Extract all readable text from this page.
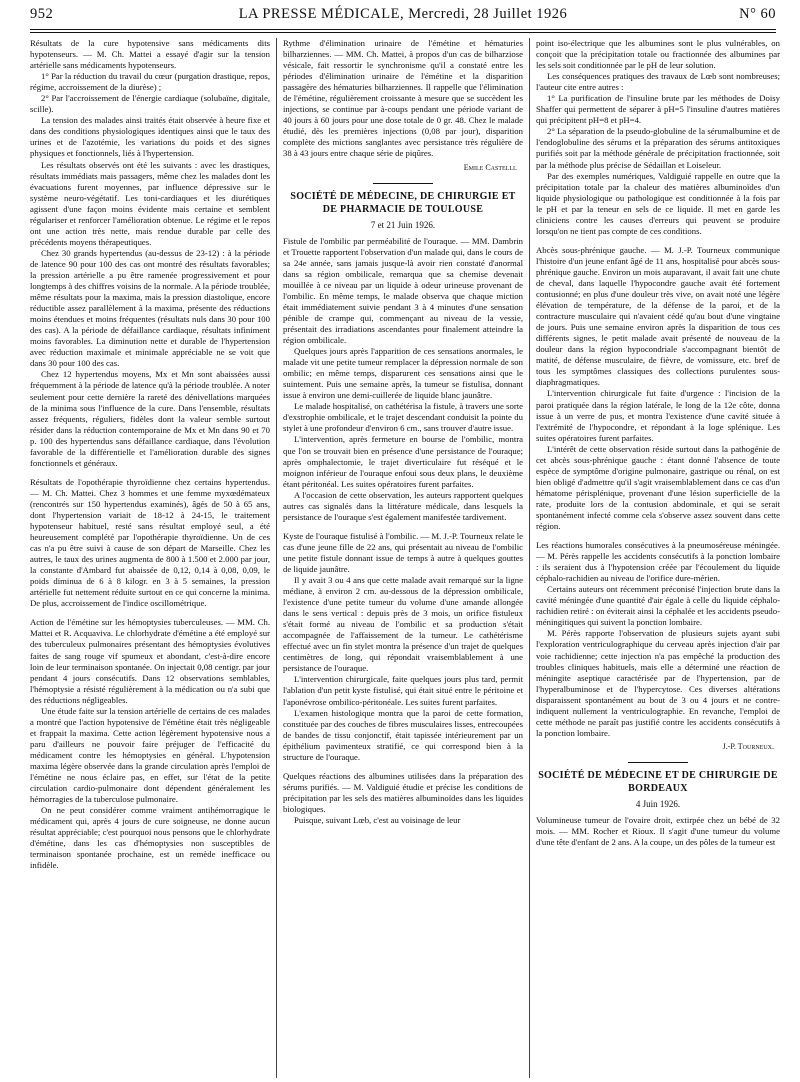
952	LA PRESSE MÉDICALE, Mercredi, 28 Juillet 1926	N° 60

Résultats de la cure hypotensive sans médicaments dits hypotenseurs. — M. Ch. Mattei a essayé d'agir sur la tension artérielle sans médicaments hypotenseurs.

1° Par la réduction du travail du cœur (purgation drastique, repos, régime, accroissement de la diurèse) ;

2° Par l'accroissement de l'énergie cardiaque (solubaïne, digitale, scille).

La tension des malades ainsi traités était observée à heure fixe et dans des conditions physiologiques identiques ainsi que le taux des urines et de l'azotémie, les variations du poids et des signes physiques et fonctionnels, liés à l'hypertension.

Les résultats observés ont été les suivants : avec les drastiques, résultats immédiats mais passagers, même chez les malades dont les évacuations furent moyennes, par influence dépressive sur le système neuro-végétatif. Les toni-cardiaques et les diurétiques agissent d'une façon moins évidente mais certaine et semblent régulariser et renforcer l'amélioration obtenue. Le régime et le repos ont une action très nette, mais rendue durable par celle des précédents moyens thérapeutiques.

Chez 30 grands hypertendus (au-dessus de 23-12) : à la période de latence 90 pour 100 des cas ont montré des résultats favorables; la pression artérielle a pu être ramenée progressivement et pour longtemps à des chiffres voisins de la normale. A la période troublée, même résultats pour la maxima, mais la pression diastolique, encore réductible assez parallèlement à la maxima, présente des réductions moins étendues et moins fréquentes (résultats nuls dans 30 pour 100 des cas). A la période de défaillance cardiaque, résultats infiniment moins favorables. La diminution nette et durable de l'hypertension avec réduction maximale et minimale appréciable ne se voit que dans 30 pour 100 des cas.

Chez 12 hypertendus moyens, Mx et Mn sont abaissées aussi fréquemment à la période de latence qu'à la période troublée. A noter seulement pour cette dernière la rareté des dénivellations marquées de la minima sous l'influence de la cure. Dans l'ensemble, résultats assez fréquents, réguliers, fidèles dont la valeur semble surtout résider dans la réduction contemporaine de Mx et Mn dans 90 et 70 p. 100 des hypertendus sans défaillance cardiaque, dans l'évolution favorable de la différentielle et l'amélioration durable des signes fonctionnels et généraux.

Résultats de l'opothérapie thyroïdienne chez certains hypertendus. — M. Ch. Mattei. Chez 3 hommes et une femme myxœdémateux (rencontrés sur 150 hypertendus examinés), âgés de 50 à 65 ans, dont l'hypertension variait de 18-12 à 24-15, le traitement hypotenseur habituel, resté sans résultat employé seul, a été heureusement complété par l'opothérapie thyroïdienne. Un de ces cas n'a pu être suivi à cause de son départ de Marseille. Chez les autres, le taux des urines augmenta de 800 à 1.500 et 2.000 par jour, la constante d'Ambard fut abaissée de 0,12, 0,14 à 0,08, 0,09, le poids diminua de 6 à 8 kilogr. en 3 à 5 semaines, la pression artérielle fut nettement réduite surtout en ce qui concerne la minima. De plus, accroissement de l'indice oscillométrique.

Action de l'émétine sur les hémoptysies tuberculeuses. — MM. Ch. Mattei et R. Acquaviva. Le chlorhydrate d'émétine a été employé sur des tuberculeux pulmonaires présentant des hémoptysies évolutives faites de sang rouge vif spumeux et abondant, c'est-à-dire encore loin de leur terminaison spontanée. On injectait 0,08 centigr. par jour pendant 4 jours consécutifs. Dans 12 observations semblables, l'hémoptysie a résisté régulièrement à la médication ou n'a subi que des réductions négligeables.

Une étude faite sur la tension artérielle de certains de ces malades a montré que l'action hypotensive de l'émétine était très négligeable et frappait la maxima. Cette action légèrement hypotensive nous a paru d'ailleurs ne pouvoir faire préjuger de l'efficacité du médicament contre les hémoptysies en général. L'hypotension maxima légère observée dans la grande circulation après l'emploi de l'émétine ne nous éclaire pas, en effet, sur l'état de la petite circulation cardio-pulmonaire dont dépendent généralement les hémorragies de la tuberculose pulmonaire.

On ne peut considérer comme vraiment antihémorragique le médicament qui, après 4 jours de cure soigneuse, ne donne aucun résultat appréciable; c'est pourquoi nous pensons que le chlorhydrate d'émétine, dans les cas d'hémoptysies non susceptibles de terminaison spontanée prochaine, est un remède inefficace ou infidèle.

Rythme d'élimination urinaire de l'émétine et hématuries bilharziennes. — MM. Ch. Mattei, à propos d'un cas de bilharziose vésicale, fait ressortir le synchronisme qu'il a constaté entre les périodes d'élimination urinaire de l'émétine et la disparition passagère des hématuries bilharziennes. Il rappelle que l'élimination de l'émétine, régulièrement croissante à mesure que se succèdent les injections, se continue par à-coups pendant une période variant de 40 jours à 60 jours pour une dose totale de 0 gr. 48. Chez le malade étudié, dès les premières injections (0,08 par jour), disparition complète des mictions sanglantes avec persistance très régulière de 38 à 43 jours entre chaque série de piqûres.

Emile Castelli.
SOCIÉTÉ DE MÉDECINE, DE CHIRURGIE ET DE PHARMACIE DE TOULOUSE
7 et 21 Juin 1926.

Fistule de l'ombilic par perméabilité de l'ouraque. — MM. Dambrin et Trouette rapportent l'observation d'un malade qui, dans le cours de sa 24e année, sans jamais jusque-là avoir rien constaté d'anormal dans sa région ombilicale, remarqua que sa chemise devenait mouillée à ce niveau par un liquide à odeur urineuse provenant de l'ombilic. En même temps, le malade observa que chaque miction était immédiatement suivie pendant 3 à 4 minutes d'une sensation pénible de crampe qui, commençant au niveau de la vessie, présentait des irradiations ascendantes pour finalement atteindre la région ombilicale.

Quelques jours après l'apparition de ces sensations anormales, le malade vit une petite tumeur remplacer la dépression normale de son ombilic; en même temps, disparurent ces sensations ainsi que le suintement. Puis une semaine après, la tumeur se fistulisa, donnant issue à environ une demi-cuillerée de liquide blanc jaunâtre.

Le malade hospitalisé, on cathétérisa la fistule, à travers une sorte d'exstrophie ombilicale, et le trajet descendant conduisit la pointe du stylet à une profondeur d'environ 6 cm., sans trouver d'autre issue.

L'intervention, après fermeture en bourse de l'ombilic, montra que l'on se trouvait bien en présence d'une persistance de l'ouraque; après omphalectomie, le trajet diverticulaire fut réséqué et le moignon inférieur de l'ouraque enfoui sous deux plans, le deuxième étant péritonéal. Les suites opératoires furent parfaites.

A l'occasion de cette observation, les auteurs rapportent quelques autres cas signalés dans la littérature médicale, dans lesquels la persistance de l'ouraque s'est également manifestée tardivement.

Kyste de l'ouraque fistulisé à l'ombilic. — M. J.-P. Tourneux relate le cas d'une jeune fille de 22 ans, qui présentait au niveau de l'ombilic une petite fistule donnant issue de temps à autre à quelques gouttes de liquide jaunâtre.

Il y avait 3 ou 4 ans que cette malade avait remarqué sur la ligne médiane, à environ 2 cm. au-dessous de la dépression ombilicale, l'existence d'une petite tumeur du volume d'une amande allongée dans le sens vertical : depuis près de 3 mois, un orifice fistuleux s'était formé au niveau de l'ombilic et sa production s'était accompagnée de l'affaissement de la tumeur. Le cathétérisme effectué avec un fin stylet montra la présence d'un trajet de quelques centimètres de long, qui répondait vraisemblablement à une persistance de l'ouraque.

L'intervention chirurgicale, faite quelques jours plus tard, permit l'ablation d'un petit kyste fistulisé, qui était situé entre le péritoine et l'aponévrose ombilico-péritonéale. Les suites furent parfaites.

L'examen histologique montra que la paroi de cette formation, constituée par des couches de fibres musculaires lisses, entrecoupées de bandes de tissu conjonctif, était tapissée intérieurement par un épithélium pavimenteux stratifié, ce qui correspond bien à la structure de l'ouraque.

Quelques réactions des albumines utilisées dans la préparation des sérums purifiés. — M. Valdiguié étudie et précise les conditions de précipitation par les sels des matières albuminoïdes dans les liquides biologiques.

Puisque, suivant Lœb, c'est au voisinage de leur

point iso-électrique que les albumines sont le plus vulnérables, on conçoit que la précipitation totale ou fractionnée des albumines par les sels soit conditionnée par le pH de leur solution.

Les conséquences pratiques des travaux de Lœb sont nombreuses; l'auteur cite entre autres :

1° La purification de l'insuline brute par les méthodes de Doisy Shaffer qui permettent de séparer à pH=5 l'insuline d'autres matières qui précipitent pH=8 et pH=4.

2° La séparation de la pseudo-globuline de la sérumalbumine et de l'endoglobuline des sérums et la préparation des sérums antitoxiques purifiés soit par la méthode générale de précipitation fractionnée, soit par la méthode plus précise de Sédaillan et Loiseleur.

Par des exemples numériques, Valdiguié rappelle en outre que la précipitation totale par la chaleur des matières albuminoïdes d'un liquide physiologique ou pathologique est conditionnée à la fois par le pH et par la teneur en sels de ce liquide. Il met en garde les cliniciens contre les causes d'erreurs qui peuvent se produire lorsqu'on ne tient pas compte de ces conditions.

Abcès sous-phrénique gauche. — M. J.-P. Tourneux communique l'histoire d'un jeune enfant âgé de 11 ans, hospitalisé pour abcès sous-phrénique gauche. Environ un mois auparavant, il avait fait une chute de cheval, dans laquelle l'hypocondre gauche avait été fortement contusionné; en plus d'une douleur très vive, on avait noté une légère élévation de température, de la défense de la paroi, et de la contracture musculaire qui n'avaient cédé qu'au bout d'une vingtaine de jours. Puis une semaine environ après la disparition de tous ces différents signes, le petit malade avait présenté de nouveau de la douleur dans la région hypocondriale s'accompagnant bientôt de matité, de défense musculaire, de fièvre, de vomissure, etc. bref de tous les symptômes classiques des collections purulentes sous-diaphragmatiques.

L'intervention chirurgicale fut faite d'urgence : l'incision de la paroi pratiquée dans la région latérale, le long de la 12e côte, donna issue à un verre de pus, et montra l'existence d'une cavité située à l'extrémité de l'hypocondre, et répondant à la loge splénique. Les suites opératoires furent parfaites.

L'intérêt de cette observation réside surtout dans la pathogénie de cet abcès sous-phrénique gauche : étant donné l'absence de toute espèce de symptôme d'origine pulmonaire, gastrique ou rénal, on est bien obligé d'admettre qu'il s'agit vraisemblablement dans ce cas d'un hématome périsplénique, provenant d'une lésion superficielle de la rate, produite lors de la contusion abdominale, et qui se serait spontanément infecté comme cela s'observe assez souvent dans cette région.

Les réactions humorales consécutives à la pneumoséreuse méningée. — M. Pérès rappelle les accidents consécutifs à la ponction lombaire : ils seraient dus à l'hypotension créée par l'écoulement du liquide céphalo-rachidien au niveau de l'orifice dure-mérien.

Certains auteurs ont récemment préconisé l'injection brute dans la cavité méningée d'une quantité d'air égale à celle du liquide céphalo-rachidien retiré : on éviterait ainsi la céphalée et les accidents pseudo-méningitiques qui suivent la ponction lombaire.

M. Pérès rapporte l'observation de plusieurs sujets ayant subi l'exploration ventriculographique du cerveau après injection d'air par voie rachidienne; cette injection n'a pas empêché la production des troubles cliniques habituels, mais elle a déterminé une réaction de méningite aseptique caractérisée par de l'hypertension, par de l'hyperalbuminose et de l'hypercytose. Ces diverses altérations disparaissent spontanément au bout de 3 ou 4 jours et ne contre-indiquent nullement la ventriculographie. En revanche, l'emploi de cette méthode ne paraît pas justifié contre les accidents consécutifs à la ponction lombaire.

J.-P. Tourneux.
SOCIÉTÉ DE MÉDECINE ET DE CHIRURGIE DE BORDEAUX
4 Juin 1926.

Volumineuse tumeur de l'ovaire droit, extirpée chez un bébé de 32 mois. — MM. Rocher et Rioux. Il s'agit d'une tumeur du volume d'une tête d'enfant de 2 ans. A la coupe, un des pôles de la tumeur est
